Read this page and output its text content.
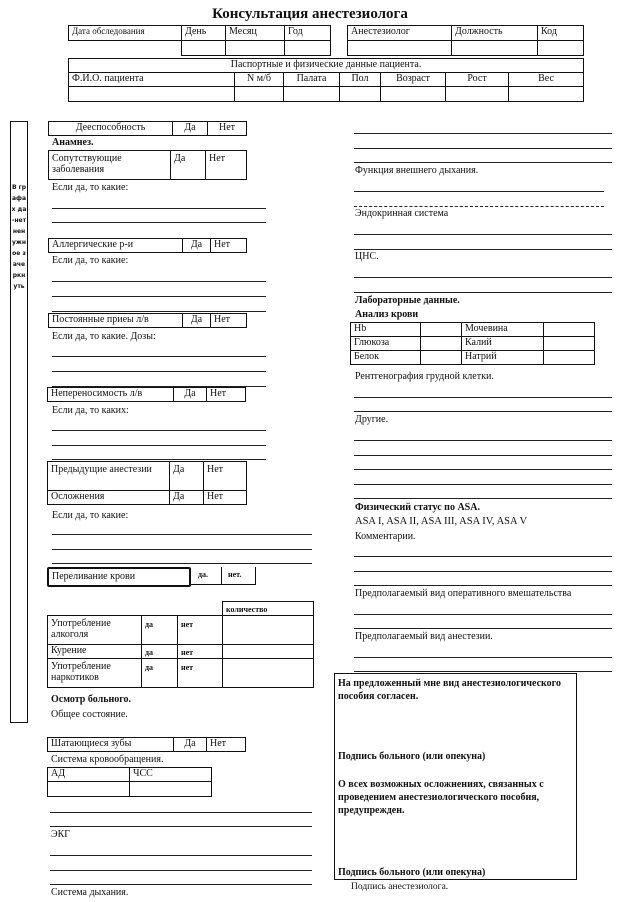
Консультация анестезиолога
Дата обследования	День	Месяц	Год
				Анестезиолог	Должность	Код

Паспортные и физические данные пациента.						
Ф.И.О. пациента	N м/б	Палата	Пол	Возраст	Рост	Вес

В графах да-нет ненужное зачеркнуть
Дееспособность	Да	Нет
Анамнез.
Сопутствующие заболевания	Да	Нет
Если да, то какие:
Аллергические р-и	Да	Нет
Если да, то какие:
Постоянные приеы л/в	Да	Нет
Если да, то какие. Дозы:
Непереносимость л/в	Да	Нет
Если да, то каких:
Предыдущие анестезии	Да	Нет
Осложнения	Да	Нет
Если да, то какие:
Переливание крови	да. нет.
			количество
Употребление алкоголя	да	нет	
Курение	да	нет	
Употребление наркотиков	да	нет	
Осмотр больного.
Общее состояние.
Шатающиеся зубы	Да	Нет
Система кровообращения.
АД	ЧСС

ЭКГ
Система дыхания.
Функция внешнего дыхания.
Эндокринная система
ЦНС.
Лабораторные данные.
Анализ крови
Hb		Мочевина	
Глюкоза		Калий	
Белок		Натрий	
Рентгенография грудной клетки.
Другие.
Физический статус по ASA.
ASA I, ASA II, ASA III, ASA IV, ASA V
Комментарии.
Предполагаемый вид оперативного вмешательства
Предполагаемый вид анестезии.
На предложенный мне вид анестезиологического пособия согласен.
Подпись больного (или опекуна)
О всех возможных осложнениях, связанных с проведением анестезиологического пособия, предупрежден.
Подпись больного (или опекуна)
Подпись анестезиолога.
